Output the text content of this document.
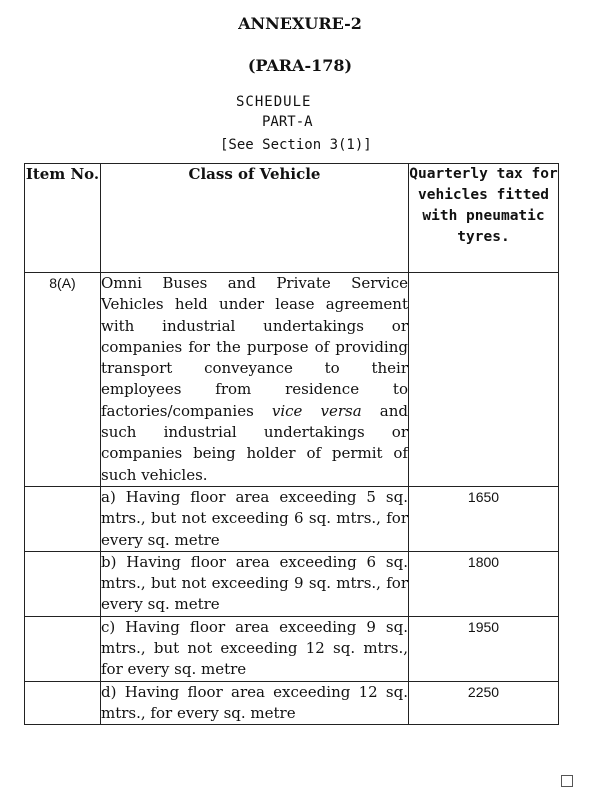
ANNEXURE-2
(PARA-178)
SCHEDULE
PART-A
[See Section 3(1)]
Item No.	Class of Vehicle	Quarterly tax for vehicles fitted with pneumatic tyres.
8(A)	Omni Buses and Private Service Vehicles held under lease agreement with industrial undertakings or companies for the purpose of providing transport conveyance to their employees from residence to factories/companies vice versa and such industrial undertakings or companies being holder of permit of such vehicles.	

	a) Having floor area exceeding 5 sq. mtrs., but not exceeding 6 sq. mtrs., for every sq. metre	1650

	b) Having floor area exceeding 6 sq. mtrs., but not exceeding 9 sq. mtrs., for every sq. metre	1800

	c) Having floor area exceeding 9 sq. mtrs., but not exceeding 12 sq. mtrs., for every sq. metre	1950

	d) Having floor area exceeding 12 sq. mtrs., for every sq. metre	2250
